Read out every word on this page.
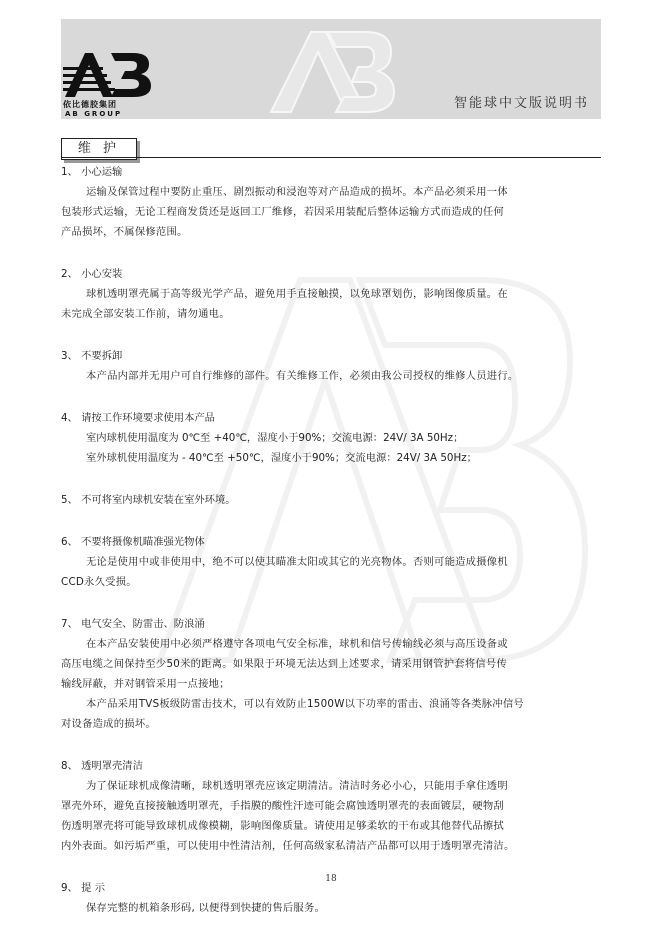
依比德胶集团
AB GROUP
智能球中文版说明书
维 护
1、 小心运输
运输及保管过程中要防止重压、剧烈振动和浸泡等对产品造成的损坏。本产品必须采用一体
包装形式运输，无论工程商发货还是返回工厂维修，若因采用装配后整体运输方式而造成的任何
产品损坏，不属保修范围。
2、 小心安装
球机透明罩壳属于高等级光学产品，避免用手直接触摸，以免球罩划伤，影响图像质量。在
未完成全部安装工作前，请勿通电。
3、 不要拆卸
本产品内部并无用户可自行维修的部件。有关维修工作，必须由我公司授权的维修人员进行。
4、 请按工作环境要求使用本产品
室内球机使用温度为 0℃至 +40℃，湿度小于90%；交流电源：24V/ 3A 50Hz；
室外球机使用温度为 - 40℃至 +50℃，湿度小于90%；交流电源：24V/ 3A 50Hz；
5、 不可将室内球机安装在室外环境。
6、 不要将摄像机瞄准强光物体
无论是使用中或非使用中，绝不可以使其瞄准太阳或其它的光亮物体。否则可能造成摄像机
CCD永久受损。
7、 电气安全、防雷击、防浪涌
在本产品安装使用中必须严格遵守各项电气安全标准，球机和信号传输线必须与高压设备或
高压电缆之间保持至少50米的距离。如果限于环境无法达到上述要求，请采用钢管护套将信号传
输线屏蔽，并对钢管采用一点接地；
本产品采用TVS板级防雷击技术，可以有效防止1500W以下功率的雷击、浪涌等各类脉冲信号
对设备造成的损坏。
8、 透明罩壳清洁
为了保证球机成像清晰，球机透明罩壳应该定期清洁。清洁时务必小心，只能用手拿住透明
罩壳外环，避免直接接触透明罩壳，手指膜的酸性汗迹可能会腐蚀透明罩壳的表面镀层，硬物刮
伤透明罩壳将可能导致球机成像模糊，影响图像质量。请使用足够柔软的干布或其他替代品擦拭
内外表面。如污垢严重，可以使用中性清洁剂，任何高级家私清洁产品都可以用于透明罩壳清洁。
9、 提 示
保存完整的机箱条形码, 以便得到快捷的售后服务。
18
